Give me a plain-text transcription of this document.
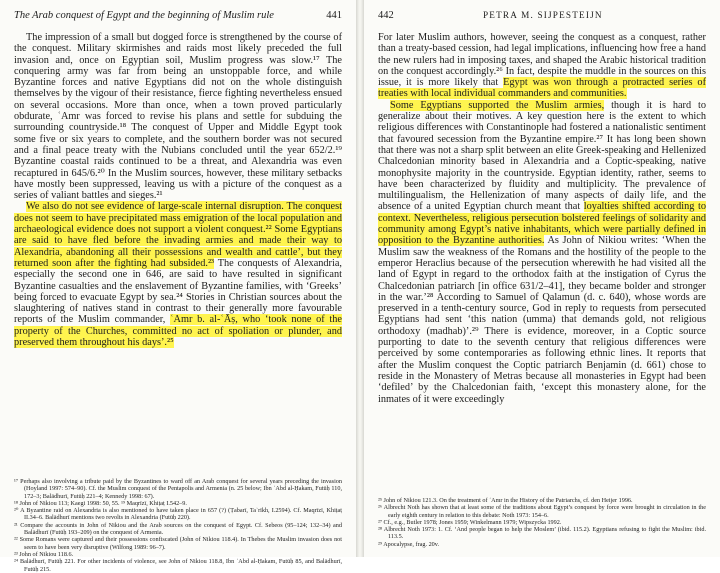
The Arab conquest of Egypt and the beginning of Muslim rule	441

The impression of a small but dogged force is strengthened by the course of the conquest. Military skirmishes and raids most likely preceded the full invasion and, once on Egyptian soil, Muslim progress was slow.¹⁷ The conquering army was far from being an unstoppable force, and while Byzantine forces and native Egyptians did not on the whole distinguish themselves by the vigour of their resistance, fierce fighting nevertheless ensued on several occasions. More than once, when a town proved particularly obdurate, ʿAmr was forced to revise his plans and settle for subduing the surrounding countryside.¹⁸ The conquest of Upper and Middle Egypt took some five or six years to complete, and the southern border was not secured and a final peace treaty with the Nubians concluded until the year 652/2.¹⁹ Byzantine coastal raids continued to be a threat, and Alexandria was even recaptured in 645/6.²⁰ In the Muslim sources, however, these military setbacks have mostly been suppressed, leaving us with a picture of the conquest as a series of valiant battles and sieges.²¹

We also do not see evidence of large-scale internal disruption. The conquest does not seem to have precipitated mass emigration of the local population and archaeological evidence does not support a violent conquest.²² Some Egyptians are said to have fled before the invading armies and made their way to Alexandria, abandoning all their possessions and wealth and cattle’, but they returned soon after the fighting had subsided.²³ The conquests of Alexandria, especially the second one in 646, are said to have resulted in significant Byzantine casualties and the enslavement of Byzantine families, with ‘Greeks’ being forced to evacuate Egypt by sea.²⁴ Stories in Christian sources about the slaughtering of natives stand in contrast to their generally more favourable reports of the Muslim commander, ʿAmr b. al-ʿĀṣ, who ‘took none of the property of the Churches, committed no act of spoliation or plunder, and preserved them throughout his days’.²⁵

¹⁷ Perhaps also involving a tribute paid by the Byzantines to ward off an Arab conquest for several years preceding the invasion (Hoyland 1997: 574–90). Cf. the Muslim conquest of the Pentapolis and Armenia (n. 25 below; Ibn ʿAbd al-Ḥakam, Futūḥ 110, 172–3; Balādhurī, Futūḥ 221–4; Kennedy 1998: 67).

¹⁸ John of Nikiou 113; Kaegi 1998: 50, 55. ¹⁹ Maqrīzī, Khiṭaṭ I.542–9.

²⁰ A Byzantine raid on Alexandria is also mentioned to have taken place in 657 (?) (Ṭabarī, Taʾrīkh, I.2594). Cf. Maqrīzī, Khiṭaṭ II.34–6. Balādhurī mentions two revolts in Alexandria (Futūḥ 220).

²¹ Compare the accounts in John of Nikiou and the Arab sources on the conquest of Egypt. Cf. Sebeos (95–124; 132–34) and Balādhurī (Futūḥ 193–209) on the conquest of Armenia.

²² Some Romans were captured and their possessions confiscated (John of Nikiou 118.4). In Thebes the Muslim invasion does not seem to have been very disruptive (Wilfong 1989: 96–7).

²³ John of Nikiou 118.6.

²⁴ Balādhurī, Futūḥ 221. For other incidents of violence, see John of Nikiou 118.8, Ibn ʿAbd al-Ḥakam, Futūḥ 85, and Balādhurī, Futūḥ 215.

442	PETRA M. SIJPESTEIJN

For later Muslim authors, however, seeing the conquest as a conquest, rather than a treaty-based cession, had legal implications, influencing how free a hand the new rulers had in imposing taxes, and shaped the Arabic historical tradition on the conquest accordingly.²⁶ In fact, despite the muddle in the sources on this issue, it is more likely that Egypt was won through a protracted series of treaties with local individual commanders and communities.

Some Egyptians supported the Muslim armies, though it is hard to generalize about their motives. A key question here is the extent to which religious differences with Constantinople had fostered a nationalistic sentiment that favoured secession from the Byzantine empire.²⁷ It has long been shown that there was not a sharp split between an elite Greek-speaking and Hellenized Chalcedonian minority based in Alexandria and a Coptic-speaking, native monophysite majority in the countryside. Egyptian identity, rather, seems to have been characterized by fluidity and multiplicity. The prevalence of multilingualism, the Hellenization of many aspects of daily life, and the absence of a united Egyptian church meant that loyalties shifted according to context. Nevertheless, religious persecution bolstered feelings of solidarity and community among Egypt’s native inhabitants, which were partially defined in opposition to the Byzantine authorities. As John of Nikiou writes: ‘When the Muslim saw the weakness of the Romans and the hostility of the people to the emperor Heraclius because of the persecution wherewith he had visited all the land of Egypt in regard to the orthodox faith at the instigation of Cyrus the Chalcedonian patriarch [in office 631/2–41], they became bolder and stronger in the war.’²⁸ According to Samuel of Qalamun (d. c. 640), whose words are preserved in a tenth-century source, God in reply to requests from persecuted Egyptians had sent ‘this nation (umma) that demands gold, not religious orthodoxy (madhab)’.²⁹ There is evidence, moreover, in a Coptic source purporting to date to the seventh century that religious differences were perceived by some contemporaries as following ethnic lines. It reports that after the Muslim conquest the Coptic patriarch Benjamin (d. 661) chose to reside in the Monastery of Metras because all monasteries in Egypt had been ‘defiled’ by the Chalcedonian faith, ‘except this monastery alone, for the inmates of it were exceedingly

²⁵ John of Nikiou 121.3. On the treatment of ʿAmr in the History of the Patriarchs, cf. den Heijer 1996.

²⁶ Albrecht Noth has shown that at least some of the traditions about Egypt’s conquest by force were brought in circulation in the early eighth century in relation to this debate: Noth 1973: 154–6.

²⁷ Cf., e.g., Butler 1978; Jones 1959; Winkelmann 1979; Wipszycka 1992.

²⁸ Albrecht Noth 1973: 1. Cf. ‘And people began to help the Moslem’ (ibid. 115.2). Egyptians refusing to fight the Muslim: ibid. 113.5.

²⁹ Apocalypse, frag. 20v.
